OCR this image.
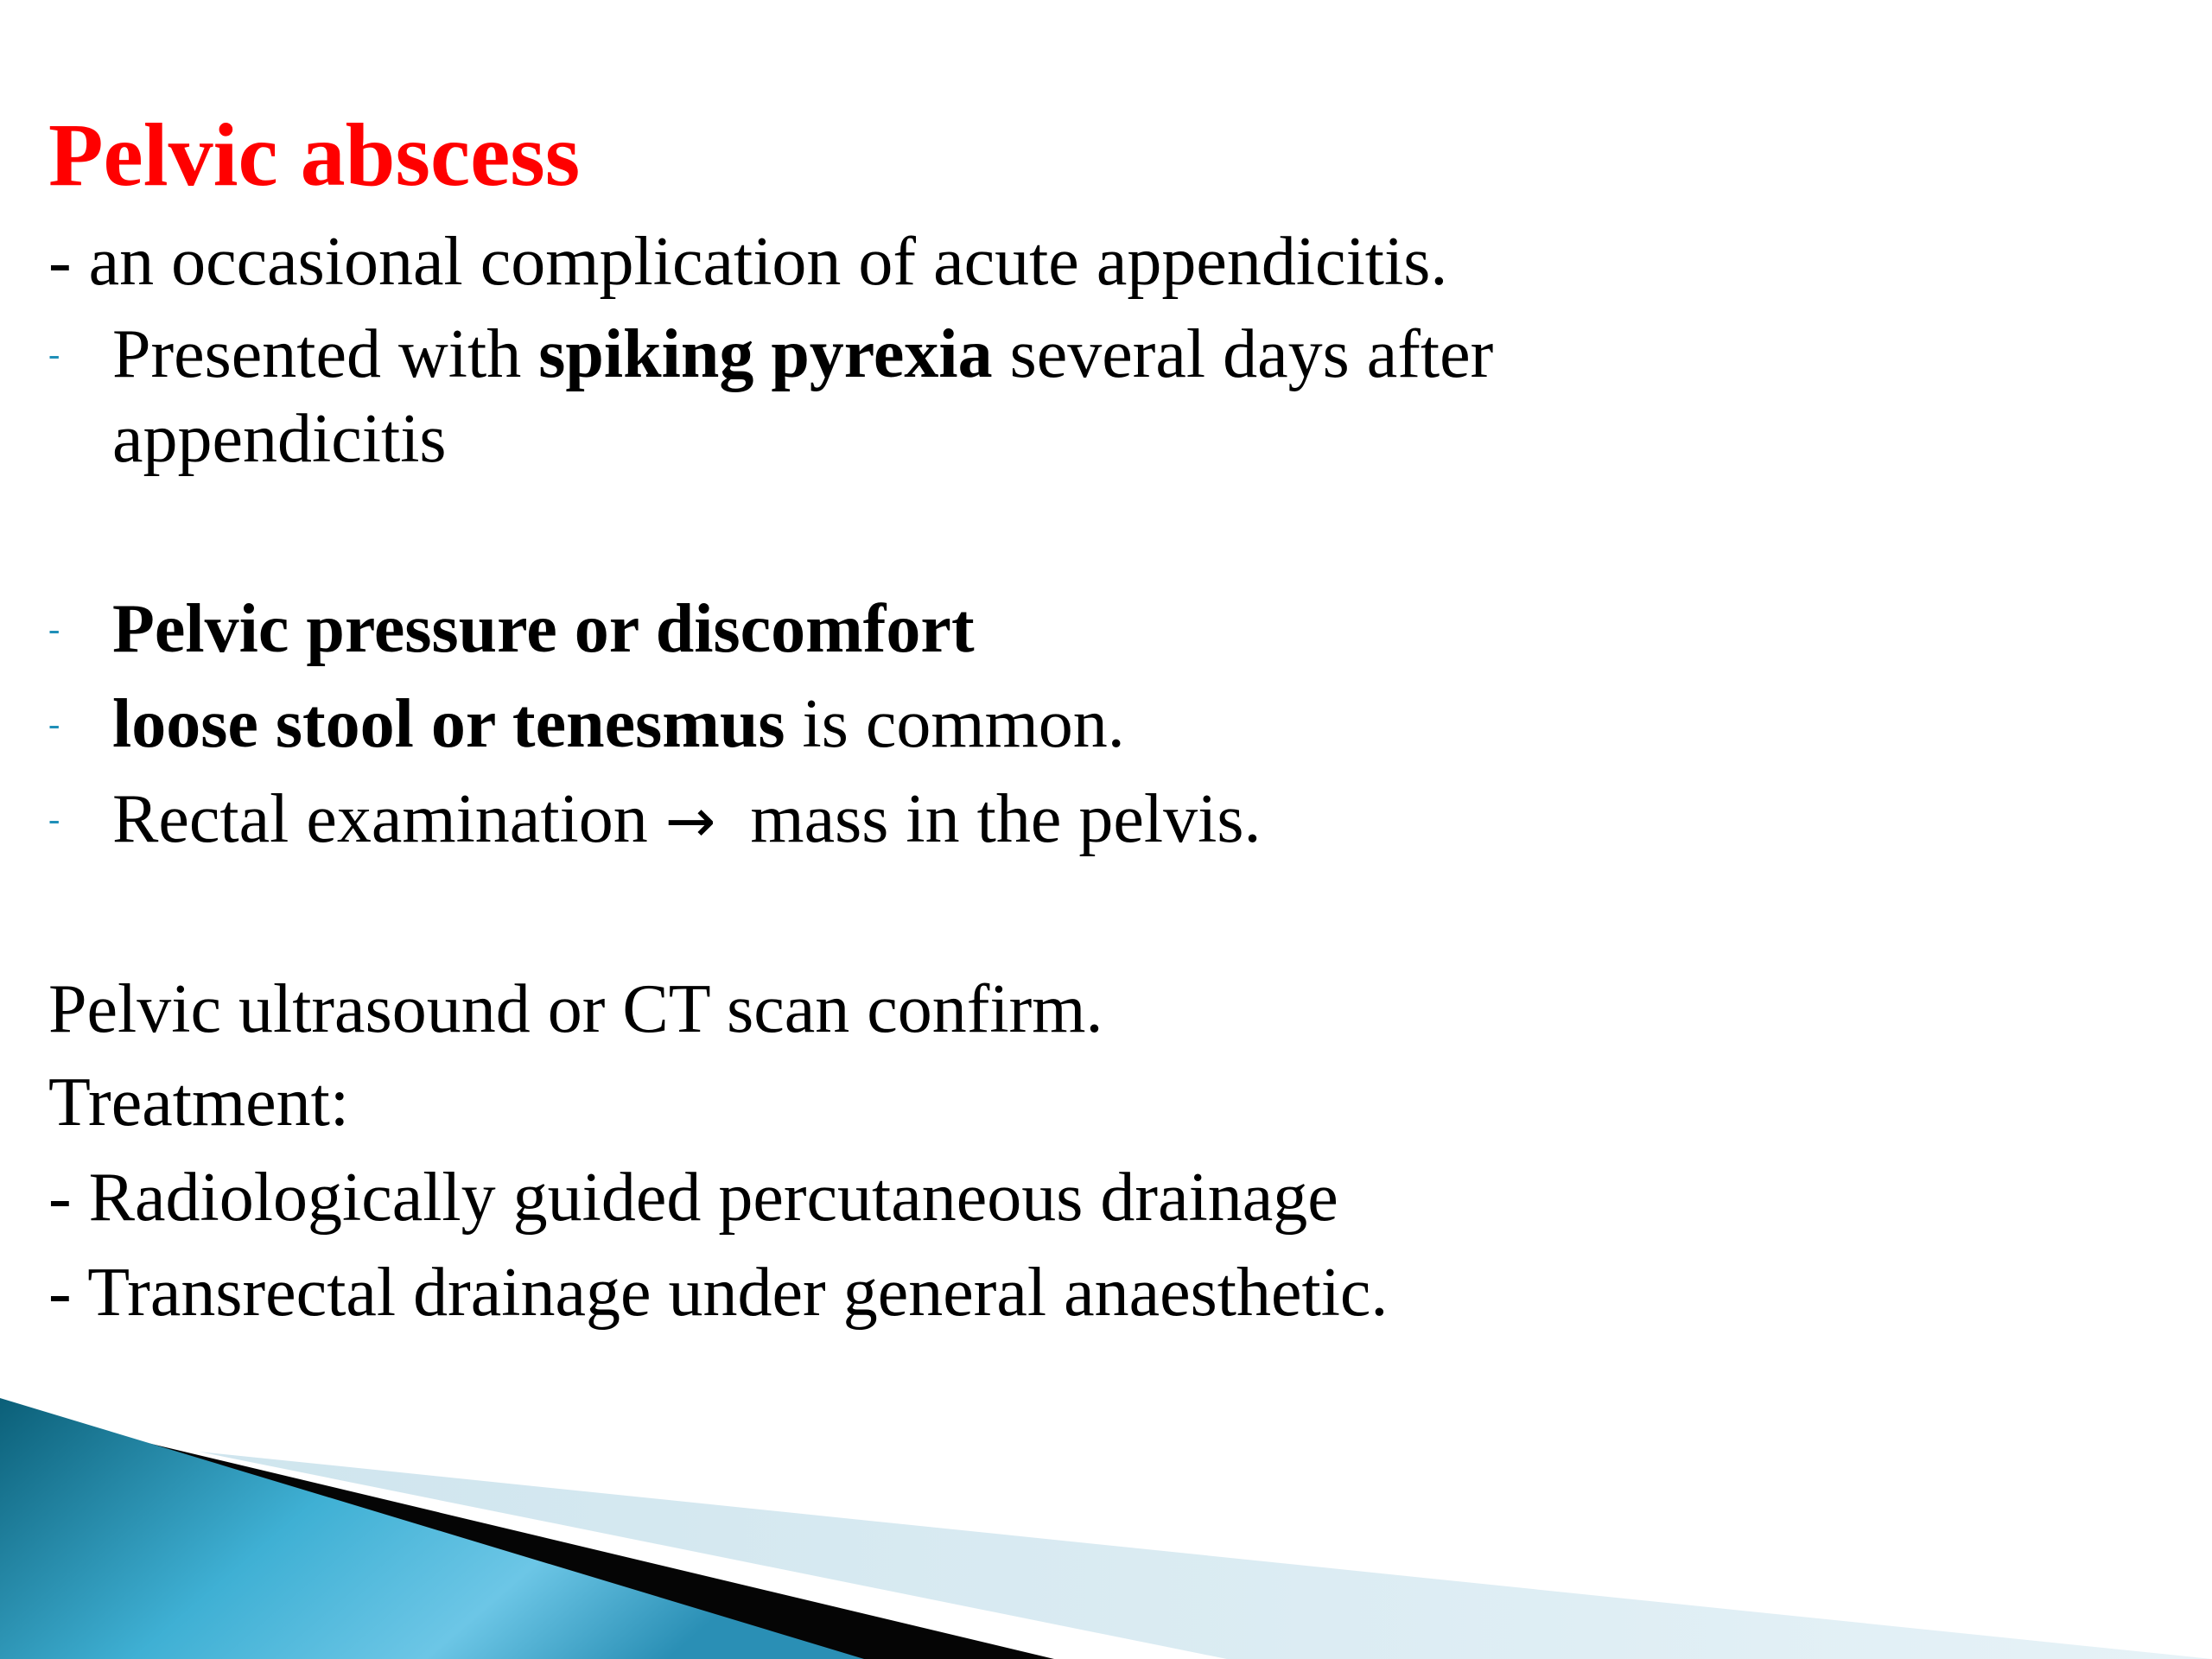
Pelvic abscess
- an occasional complication of acute appendicitis.
- Presented with spiking pyrexia several days after
appendicitis
- Pelvic pressure or discomfort
- loose stool or tenesmus is common.
- Rectal examination →  mass in the pelvis.
Pelvic ultrasound or CT scan confirm.
Treatment:
- Radiologically guided percutaneous drainage
- Transrectal drainage under general anaesthetic.
